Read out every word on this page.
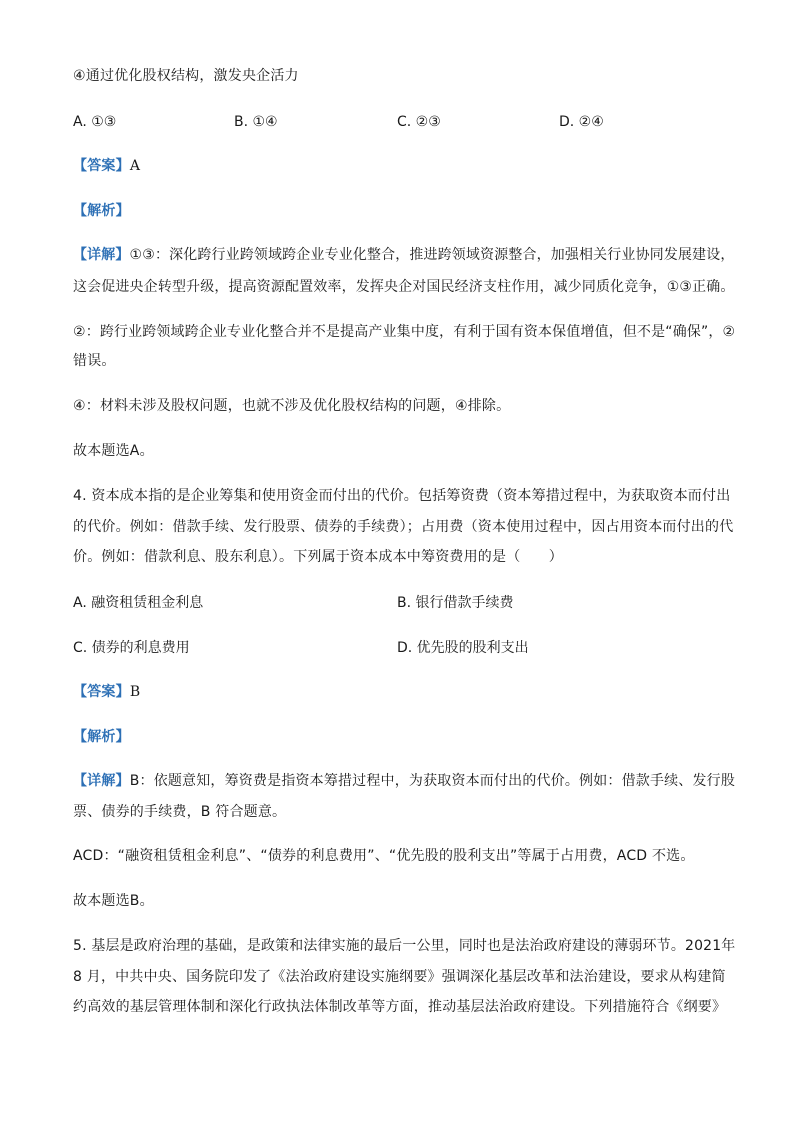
④通过优化股权结构，激发央企活力
A. ①③	B. ①④	C. ②③	D. ②④
【答案】A
【解析】
【详解】①③：深化跨行业跨领域跨企业专业化整合，推进跨领域资源整合，加强相关行业协同发展建设，
这会促进央企转型升级，提高资源配置效率，发挥央企对国民经济支柱作用，减少同质化竞争，①③正确。
②：跨行业跨领域跨企业专业化整合并不是提高产业集中度，有利于国有资本保值增值，但不是“确保”，②
错误。
④：材料未涉及股权问题，也就不涉及优化股权结构的问题，④排除。
故本题选A。
4. 资本成本指的是企业筹集和使用资金而付出的代价。包括筹资费（资本筹措过程中，为获取资本而付出
的代价。例如：借款手续、发行股票、债券的手续费）；占用费（资本使用过程中，因占用资本而付出的代
价。例如：借款利息、股东利息）。下列属于资本成本中筹资费用的是（　　）
A. 融资租赁租金利息	B. 银行借款手续费
C. 债券的利息费用	D. 优先股的股利支出
【答案】B
【解析】
【详解】B：依题意知，筹资费是指资本筹措过程中，为获取资本而付出的代价。例如：借款手续、发行股
票、债券的手续费，B 符合题意。
ACD：“融资租赁租金利息”、“债券的利息费用”、“优先股的股利支出”等属于占用费，ACD 不选。
故本题选B。
5. 基层是政府治理的基础，是政策和法律实施的最后一公里，同时也是法治政府建设的薄弱环节。2021年
8 月，中共中央、国务院印发了《法治政府建设实施纲要》强调深化基层改革和法治建设，要求从构建简
约高效的基层管理体制和深化行政执法体制改革等方面，推动基层法治政府建设。下列措施符合《纲要》
